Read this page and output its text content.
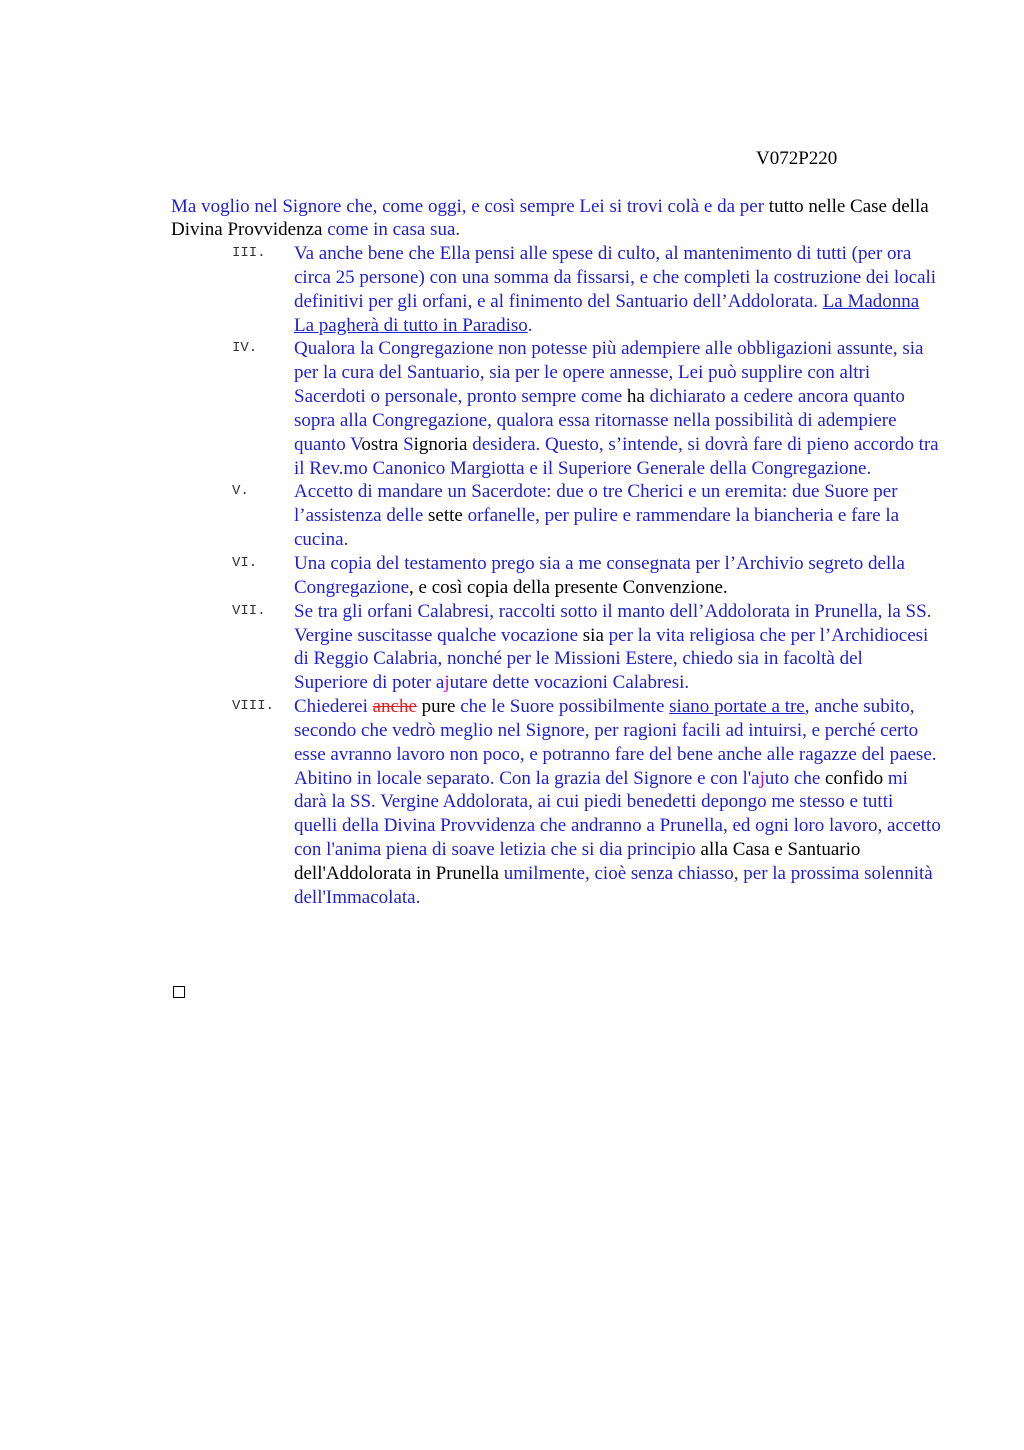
V072P220
Ma voglio nel Signore che, come oggi, e così sempre Lei si trovi colà e da per tutto nelle Case della Divina Provvidenza come in casa sua.
III.	Va anche bene che Ella pensi alle spese di culto, al mantenimento di tutti (per ora circa 25 persone) con una somma da fissarsi, e che completi la costruzione dei locali definitivi per gli orfani, e al finimento del Santuario dell’Addolorata. La Madonna La pagherà di tutto in Paradiso.
IV.	Qualora la Congregazione non potesse più adempiere alle obbligazioni assunte, sia per la cura del Santuario, sia per le opere annesse, Lei può supplire con altri Sacerdoti o personale, pronto sempre come ha dichiarato a cedere ancora quanto sopra alla Congregazione, qualora essa ritornasse nella possibilità di adempiere quanto Vostra Signoria desidera. Questo, s’intende, si dovrà fare di pieno accordo tra il Rev.mo Canonico Margiotta e il Superiore Generale della Congregazione.
V.	Accetto di mandare un Sacerdote: due o tre Cherici e un eremita: due Suore per l’assistenza delle sette orfanelle, per pulire e rammendare la biancheria e fare la cucina.
VI.	Una copia del testamento prego sia a me consegnata per l’Archivio segreto della Congregazione, e così copia della presente Convenzione.
VII.	Se tra gli orfani Calabresi, raccolti sotto il manto dell’Addolorata in Prunella, la SS. Vergine suscitasse qualche vocazione sia per la vita religiosa che per l’Archidiocesi di Reggio Calabria, nonché per le Missioni Estere, chiedo sia in facoltà del Superiore di poter ajutare dette vocazioni Calabresi.
VIII.	Chiederei anche pure che le Suore possibilmente siano portate a tre, anche subito, secondo che vedrò meglio nel Signore, per ragioni facili ad intuirsi, e perché certo esse avranno lavoro non poco, e potranno fare del bene anche alle ragazze del paese. Abitino in locale separato. Con la grazia del Signore e con l'ajuto che confido mi darà la SS. Vergine Addolorata, ai cui piedi benedetti depongo me stesso e tutti quelli della Divina Provvidenza che andranno a Prunella, ed ogni loro lavoro, accetto con l'anima piena di soave letizia che si dia principio alla Casa e Santuario dell'Addolorata in Prunella umilmente, cioè senza chiasso, per la prossima solennità dell'Immacolata.
